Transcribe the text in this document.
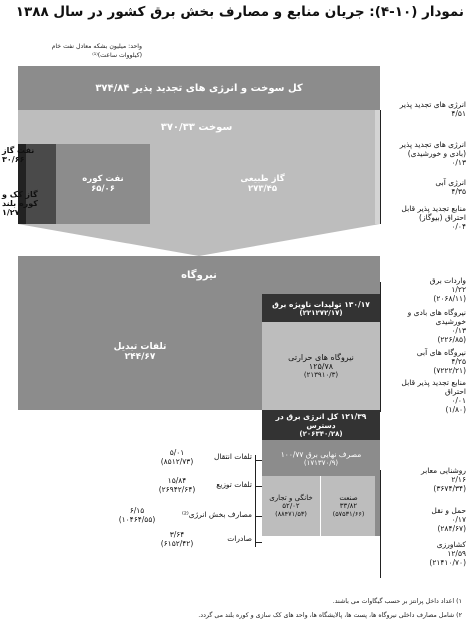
نمودار (۱۰-۴): جریان منابع و مصارف بخش برق کشور در سال ۱۳۸۸
واحد: میلیون بشکه معادل نفت خام
(کیلووات ساعت)⁽¹⁾
کل سوخت و انرژی های تجدید پذیر ۳۷۴/۸۴
سوخت ۳۷۰/۳۳
نفت کوره
۶۵/۰۶
گاز طبیعی
۲۷۳/۴۵
نفت گاز
۳۰/۶۶
گاز کک و کوره بلند
۱/۲۷
انرژی های تجدید پذیر
۴/۵۱
انرژی های تجدید پذیر (بادی و خورشیدی)
۰/۱۳
انرژی آبی
۴/۳۵
منابع تجدید پذیر قابل احتراق (بیوگاز)
۰/۰۴
نیروگاه
تلفات تبدیل
۲۴۴/۶۷
۱۳۰/۱۷ تولیدات ناویژه برق
(۲۲۱۲۷۲/۱۷)
نیروگاه های حرارتی
۱۲۵/۷۸
(۲۱۳۹۱۰/۳)
واردات برق
۱/۲۲
(۲۰۶۸/۱۱)
نیروگاه های بادی و خورشیدی
۰/۱۳
(۲۲۶/۸۵)
نیروگاه های آبی
۴/۲۵
(۷۲۲۲/۲۱)
منابع تجدید پذیر قابل احتراق
۰/۰۱
(۱/۸۰)
۱۲۱/۳۹ کل انرژی برق در دسترس
(۲۰۶۳۴۰/۲۸)
مصرف نهایی برق ۱۰۰/۷۷
(۱۷۱۳۷۰/۹)
خانگی و تجاری
۵۲/۰۲
(۸۸۴۷۱/۵۳)
صنعت
۳۳/۸۲
(۵۷۵۳۱/۶۶)
تلفات انتقال
۵/۰۱
(۸۵۱۲/۷۳)
تلفات توزیع
۱۵/۸۴
(۲۶۹۴۲/۶۴)
مصارف بخش انرژی⁽²⁾
۶/۱۵
(۱۰۴۶۴/۵۵)
صادرات
۳/۶۴
(۶۱۵۲/۴۲)
روشنایی معابر
۲/۱۶
(۳۶۷۴/۳۴)
حمل و نقل
۰/۱۷
(۲۸۴/۶۷)
کشاورزی
۱۲/۵۹
(۲۱۴۱۰/۷۰)
۱) اعداد داخل پرانتز بر حسب گیگاوات می باشند.
۲) شامل مصارف داخلی نیروگاه ها، پست ها، پالایشگاه ها، واحد های کک سازی و کوره بلند می گردد.
